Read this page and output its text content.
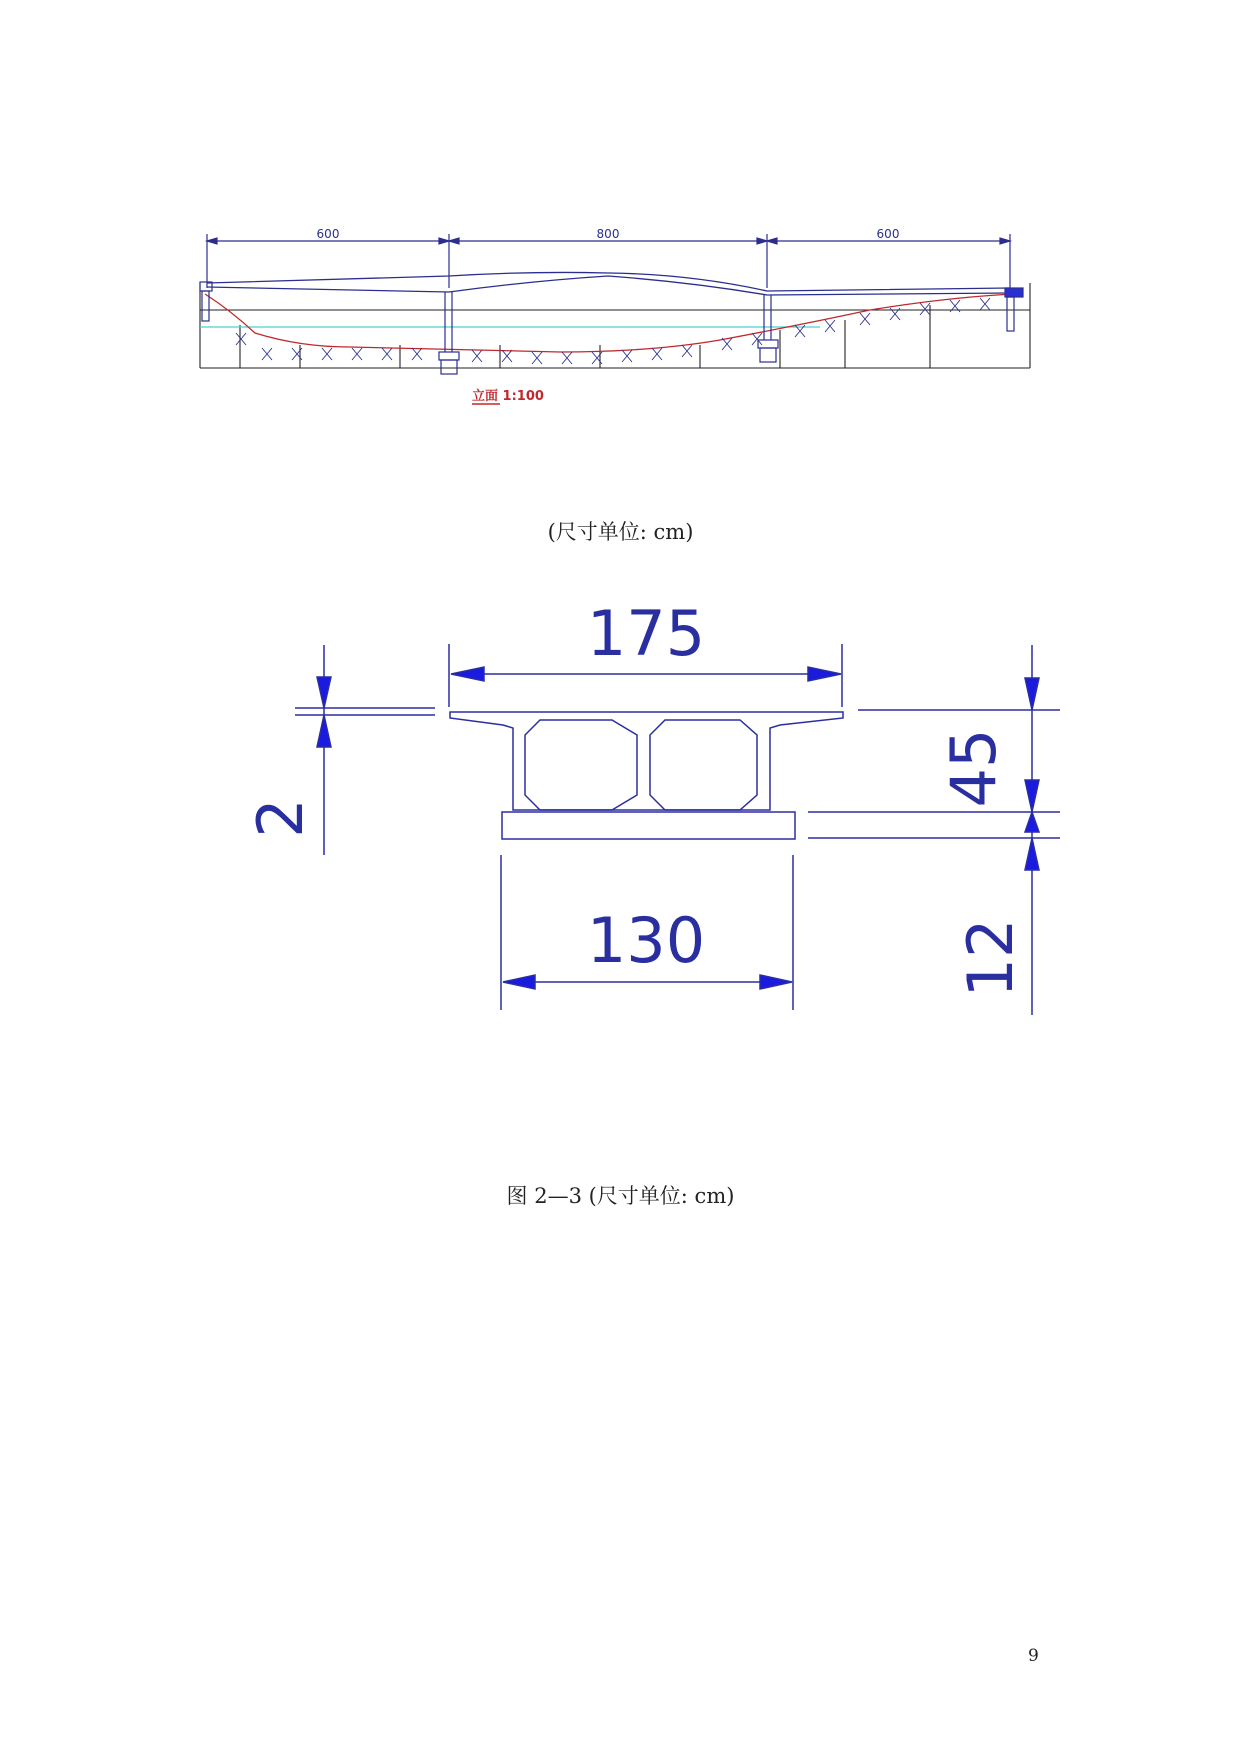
600	800	600
立面 1:100
(尺寸单位: cm)
175
130
45
12
2
图 2—3 (尺寸单位: cm)
9
